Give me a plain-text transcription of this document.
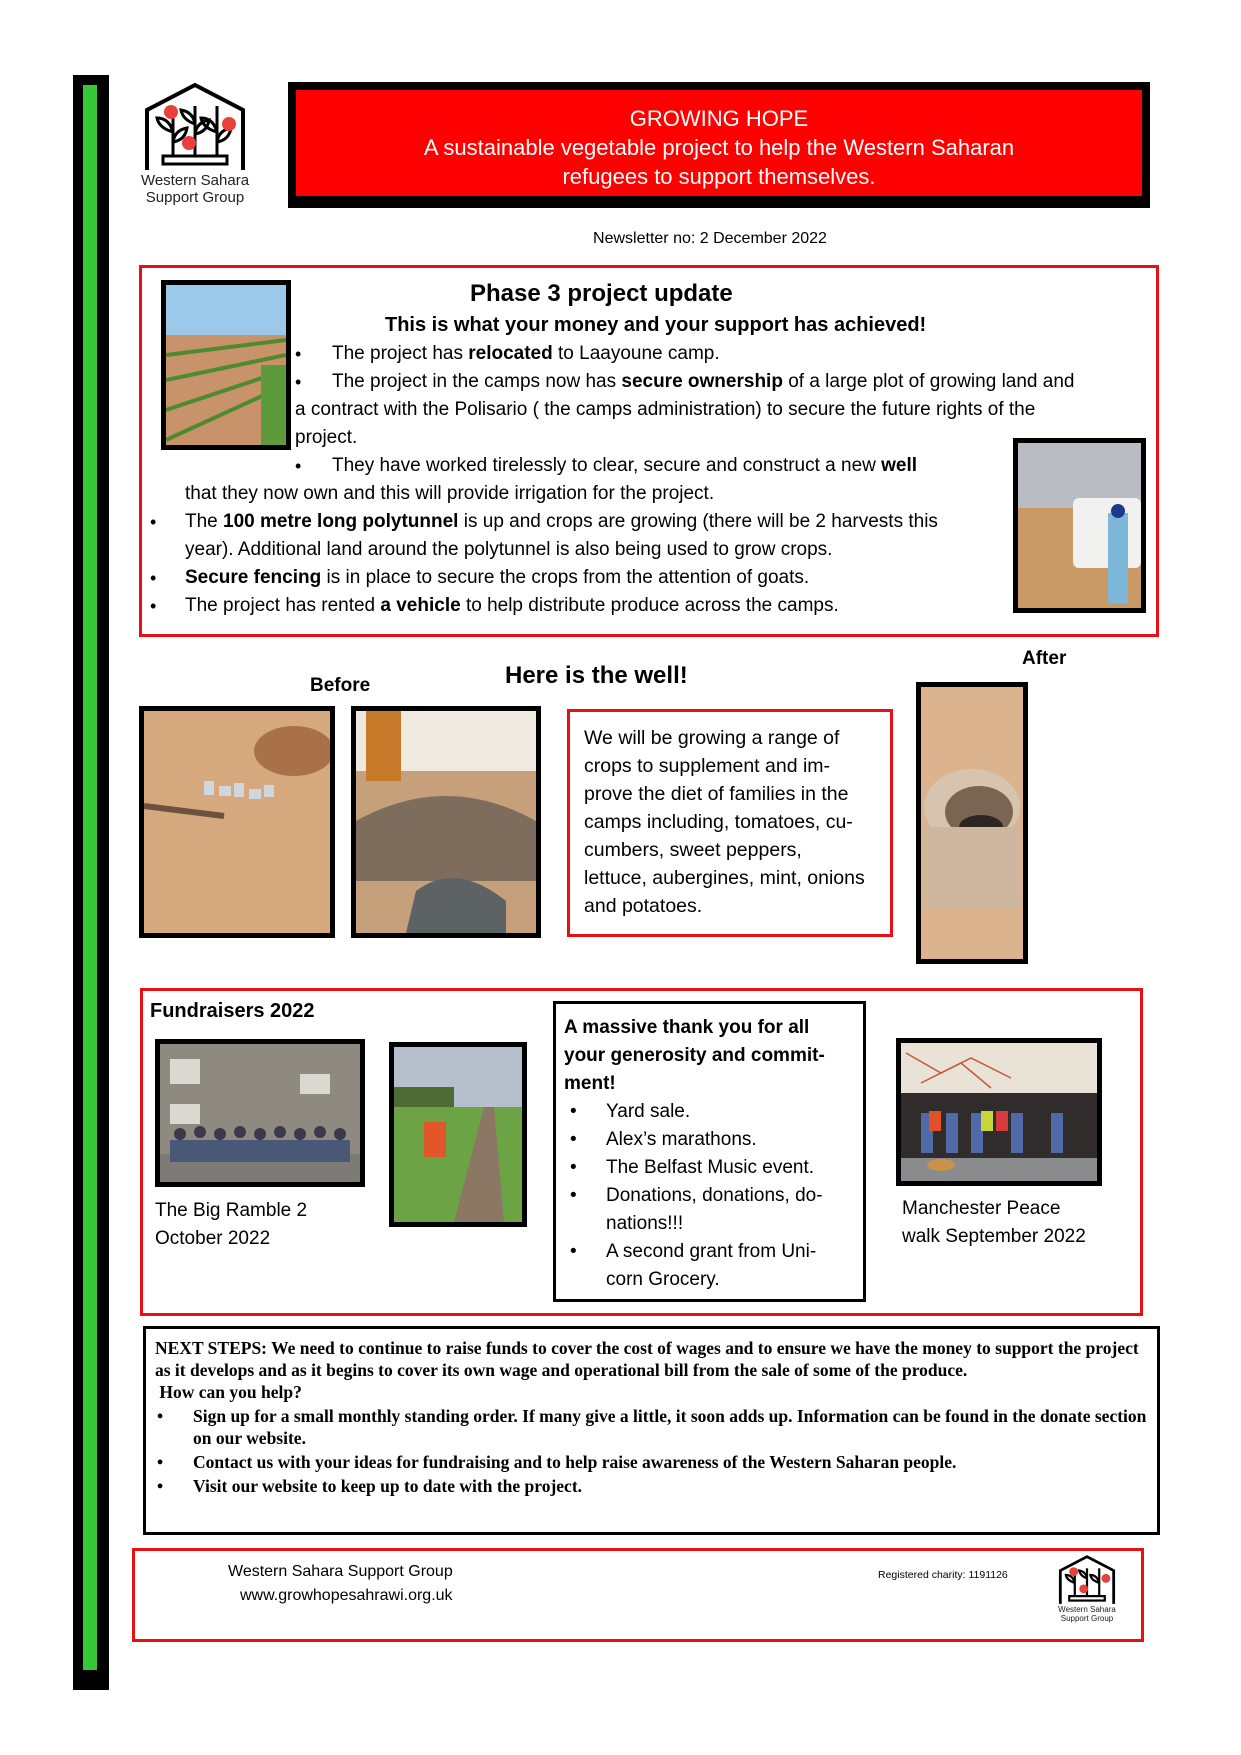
Western Sahara
Support Group
GROWING HOPE
A sustainable vegetable project to help the Western Saharan
refugees to support themselves.
Newsletter no: 2 December 2022
Phase 3 project update
This is what your money and your support has achieved!
• The project has relocated to Laayoune camp.
• The project in the camps now has secure ownership of a large plot of growing land and
a contract with the Polisario ( the camps administration) to secure the future rights of the
project.
• They have worked tirelessly to clear, secure and construct a new well
that they now own and this will provide irrigation for the project.
• The 100 metre long polytunnel is up and crops are growing (there will be 2 harvests this
year). Additional land around the polytunnel is also being used to grow crops.
• Secure fencing is in place to secure the crops from the attention of goats.
• The project has rented a vehicle to help distribute produce across the camps.
Before	Here is the well!
After
We will be growing a range of
crops to supplement and im-
prove the diet of families in the
camps including, tomatoes, cu-
cumbers, sweet peppers,
lettuce, aubergines, mint, onions
and potatoes.
Fundraisers 2022
The Big Ramble 2
October 2022
A massive thank you for all
your generosity and commit-
ment!
• Yard sale.
• Alex’s marathons.
• The Belfast Music event.
• Donations, donations, do-
nations!!!
• A second grant from Uni-
corn Grocery.
Manchester Peace
walk September 2022
NEXT STEPS: We need to continue to raise funds to cover the cost of wages and to ensure we have the money to support the project as it develops and as it begins to cover its own wage and operational bill from the sale of some of the produce.
How can you help?
• Sign up for a small monthly standing order. If many give a little, it soon adds up. Information can be found in the donate section on our website.
• Contact us with your ideas for fundraising and to help raise awareness of the Western Saharan people.
• Visit our website to keep up to date with the project.
Western Sahara Support Group
www.growhopesahrawi.org.uk
Registered charity: 1191126
Western Sahara
Support Group
